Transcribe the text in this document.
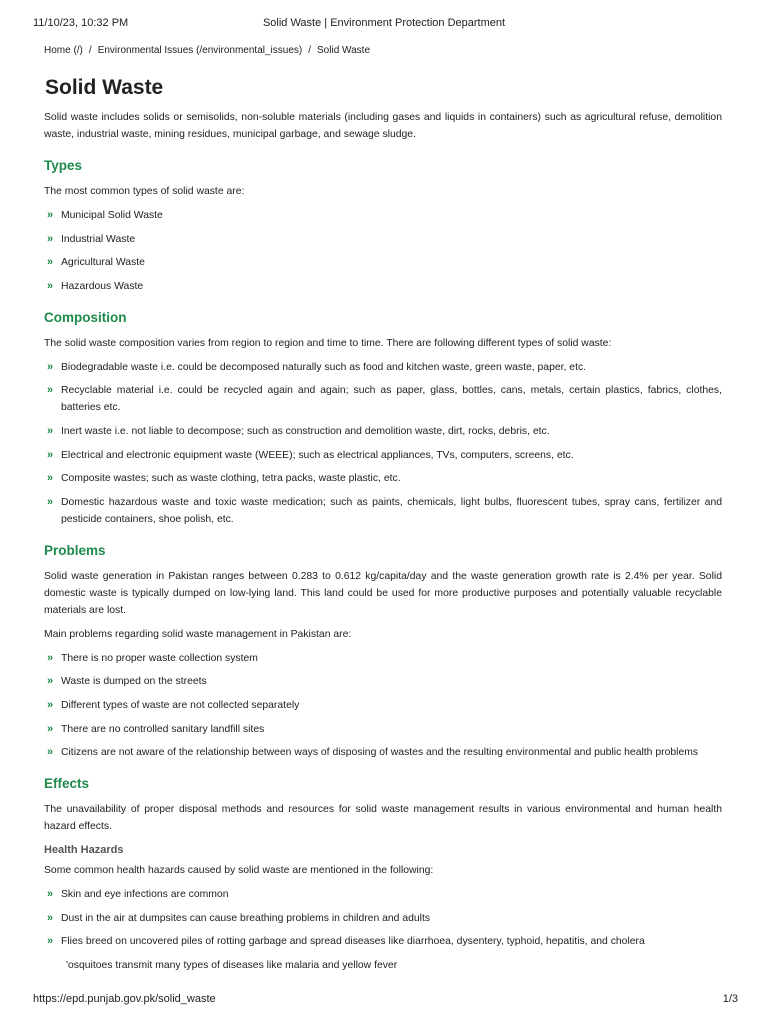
11/10/23, 10:32 PM	Solid Waste | Environment Protection Department
Home (/) / Environmental Issues (/environmental_issues) / Solid Waste
Solid Waste

Solid waste includes solids or semisolids, non-soluble materials (including gases and liquids in containers) such as agricultural refuse, demolition waste, industrial waste, mining residues, municipal garbage, and sewage sludge.

Types

The most common types of solid waste are:

» Municipal Solid Waste
» Industrial Waste
» Agricultural Waste
» Hazardous Waste
Composition

The solid waste composition varies from region to region and time to time. There are following different types of solid waste:

» Biodegradable waste i.e. could be decomposed naturally such as food and kitchen waste, green waste, paper, etc.
» Recyclable material i.e. could be recycled again and again; such as paper, glass, bottles, cans, metals, certain plastics, fabrics, clothes, batteries etc.
» Inert waste i.e. not liable to decompose; such as construction and demolition waste, dirt, rocks, debris, etc.
» Electrical and electronic equipment waste (WEEE); such as electrical appliances, TVs, computers, screens, etc.
» Composite wastes; such as waste clothing, tetra packs, waste plastic, etc.
» Domestic hazardous waste and toxic waste medication; such as paints, chemicals, light bulbs, fluorescent tubes, spray cans, fertilizer and pesticide containers, shoe polish, etc.
Problems

Solid waste generation in Pakistan ranges between 0.283 to 0.612 kg/capita/day and the waste generation growth rate is 2.4% per year. Solid domestic waste is typically dumped on low-lying land. This land could be used for more productive purposes and potentially valuable recyclable materials are lost.

Main problems regarding solid waste management in Pakistan are:

» There is no proper waste collection system
» Waste is dumped on the streets
» Different types of waste are not collected separately
» There are no controlled sanitary landfill sites
» Citizens are not aware of the relationship between ways of disposing of wastes and the resulting environmental and public health problems
Effects

The unavailability of proper disposal methods and resources for solid waste management results in various environmental and human health hazard effects.

Health Hazards

Some common health hazards caused by solid waste are mentioned in the following:

» Skin and eye infections are common
» Dust in the air at dumpsites can cause breathing problems in children and adults
» Flies breed on uncovered piles of rotting garbage and spread diseases like diarrhoea, dysentery, typhoid, hepatitis, and cholera
'osquitoes transmit many types of diseases like malaria and yellow fever
https://epd.punjab.gov.pk/solid_waste	1/3
